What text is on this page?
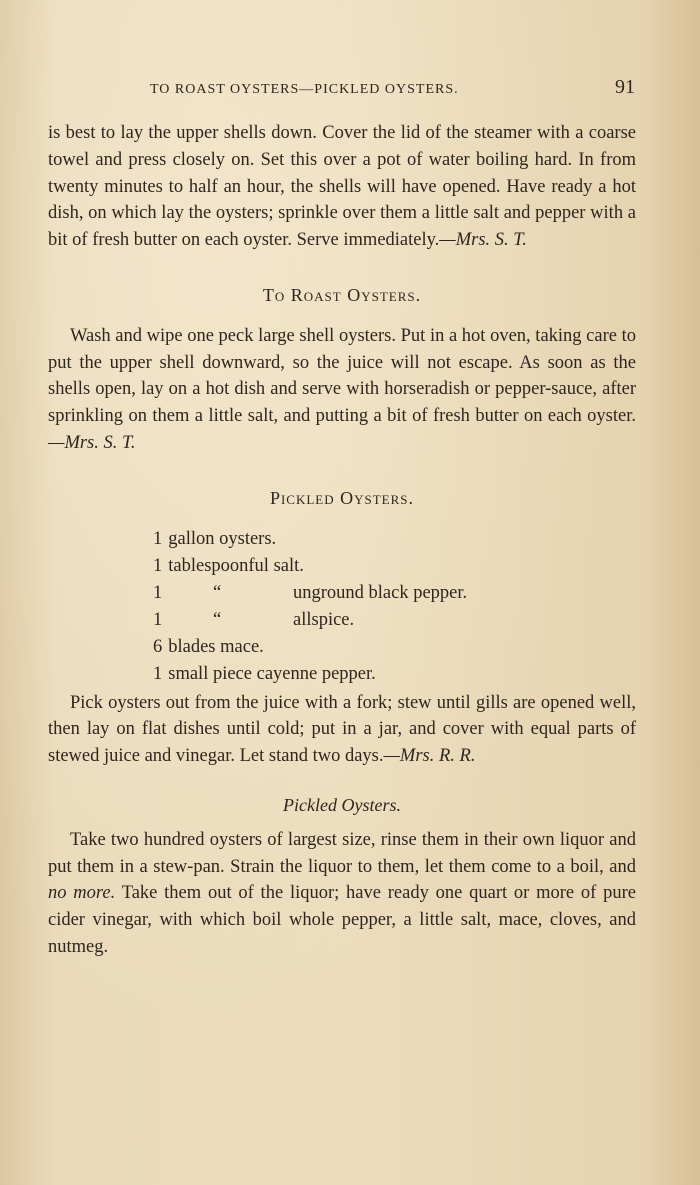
TO ROAST OYSTERS—PICKLED OYSTERS.	91

is best to lay the upper shells down. Cover the lid of the steamer with a coarse towel and press closely on. Set this over a pot of water boiling hard. In from twenty minutes to half an hour, the shells will have opened. Have ready a hot dish, on which lay the oysters; sprinkle over them a little salt and pepper with a bit of fresh butter on each oyster. Serve immediately.—Mrs. S. T.

To Roast Oysters.

Wash and wipe one peck large shell oysters. Put in a hot oven, taking care to put the upper shell downward, so the juice will not escape. As soon as the shells open, lay on a hot dish and serve with horseradish or pepper-sauce, after sprinkling on them a little salt, and putting a bit of fresh butter on each oyster.—Mrs. S. T.

Pickled Oysters.
1 gallon oysters.
1 tablespoonful salt.
1	“	unground black pepper.
1	“	allspice.
6 blades mace.
1 small piece cayenne pepper.

Pick oysters out from the juice with a fork; stew until gills are opened well, then lay on flat dishes until cold; put in a jar, and cover with equal parts of stewed juice and vinegar. Let stand two days.—Mrs. R. R.

Pickled Oysters.

Take two hundred oysters of largest size, rinse them in their own liquor and put them in a stew-pan. Strain the liquor to them, let them come to a boil, and no more. Take them out of the liquor; have ready one quart or more of pure cider vinegar, with which boil whole pepper, a little salt, mace, cloves, and nutmeg.
